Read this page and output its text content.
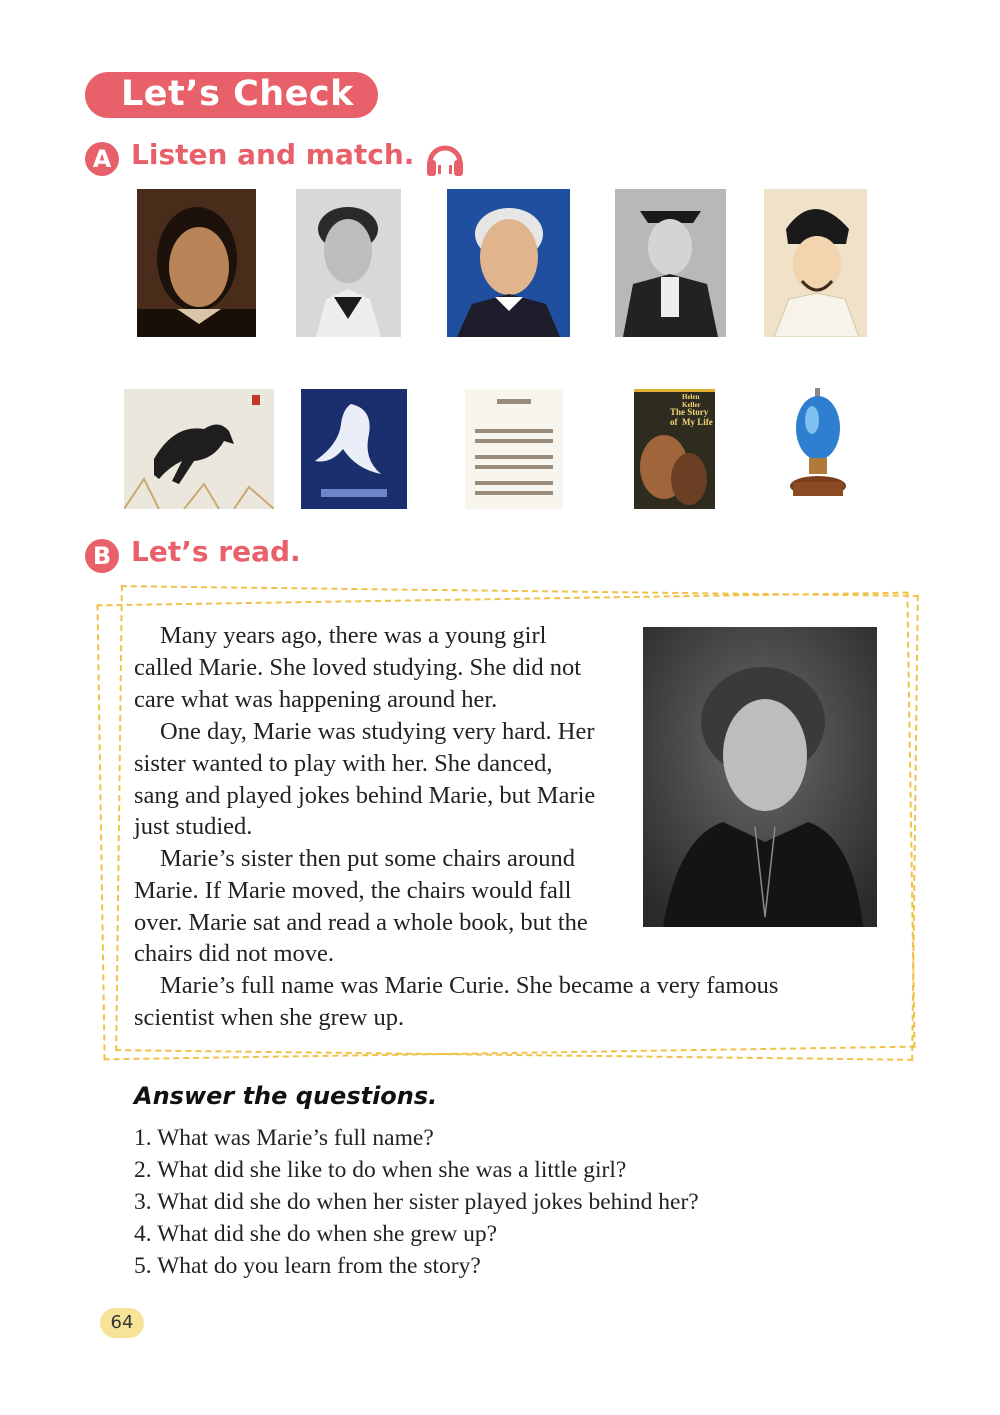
Let’s Check
A Listen and match.
Helen Keller
The Story of My Life
B Let’s read.
Many years ago, there was a young girl
called Marie. She loved studying. She did not
care what was happening around her.
One day, Marie was studying very hard. Her
sister wanted to play with her. She danced,
sang and played jokes behind Marie, but Marie
just studied.
Marie’s sister then put some chairs around
Marie. If Marie moved, the chairs would fall
over. Marie sat and read a whole book, but the
chairs did not move.
Marie’s full name was Marie Curie. She became a very famous
scientist when she grew up.
Answer the questions.
1. What was Marie’s full name?
2. What did she like to do when she was a little girl?
3. What did she do when her sister played jokes behind her?
4. What did she do when she grew up?
5. What do you learn from the story?
64
